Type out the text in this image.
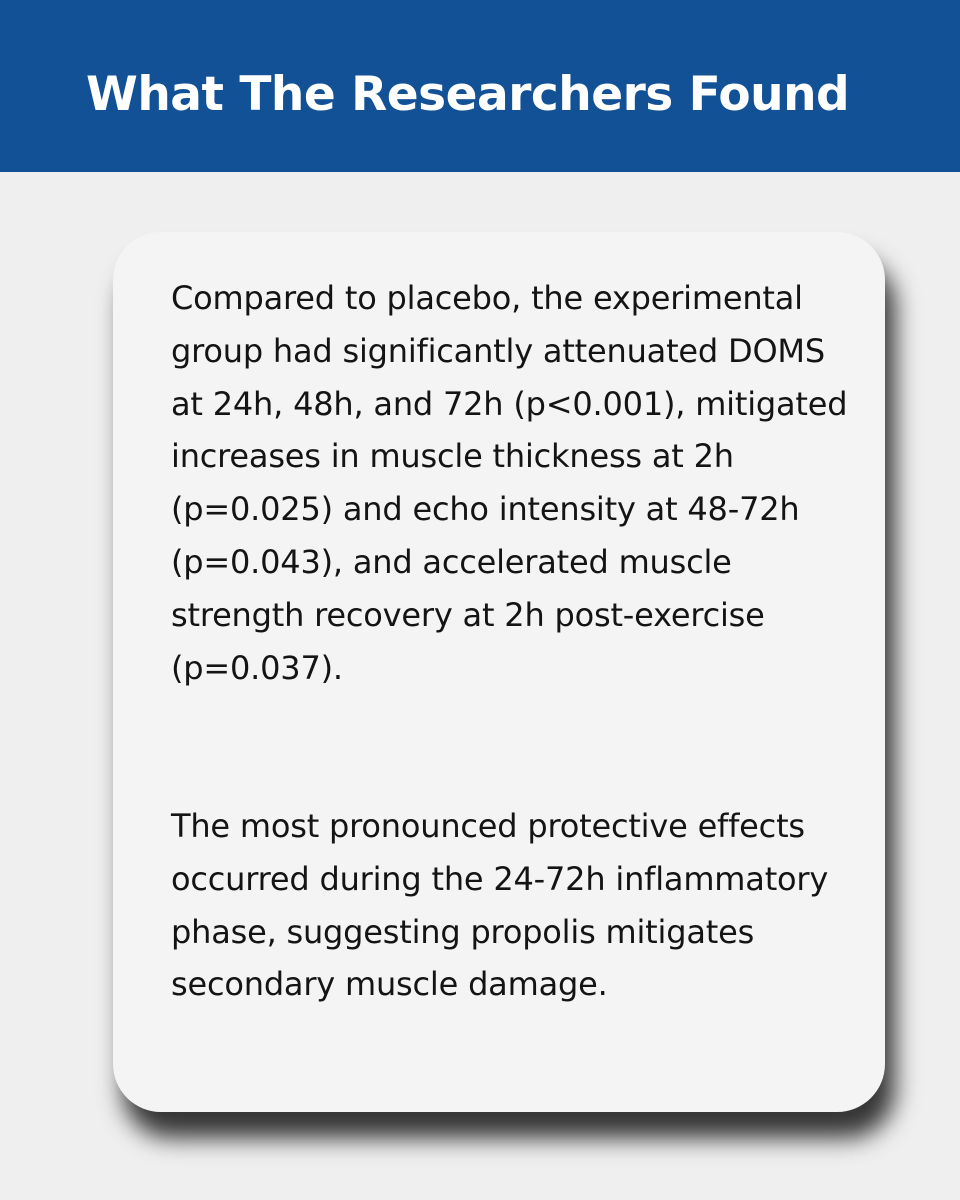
What The Researchers Found

Compared to placebo, the experimental group had significantly attenuated DOMS at 24h, 48h, and 72h (p<0.001), mitigated increases in muscle thickness at 2h (p=0.025) and echo intensity at 48-72h (p=0.043), and accelerated muscle strength recovery at 2h post-exercise (p=0.037).

The most pronounced protective effects occurred during the 24-72h inflammatory phase, suggesting propolis mitigates secondary muscle damage.
